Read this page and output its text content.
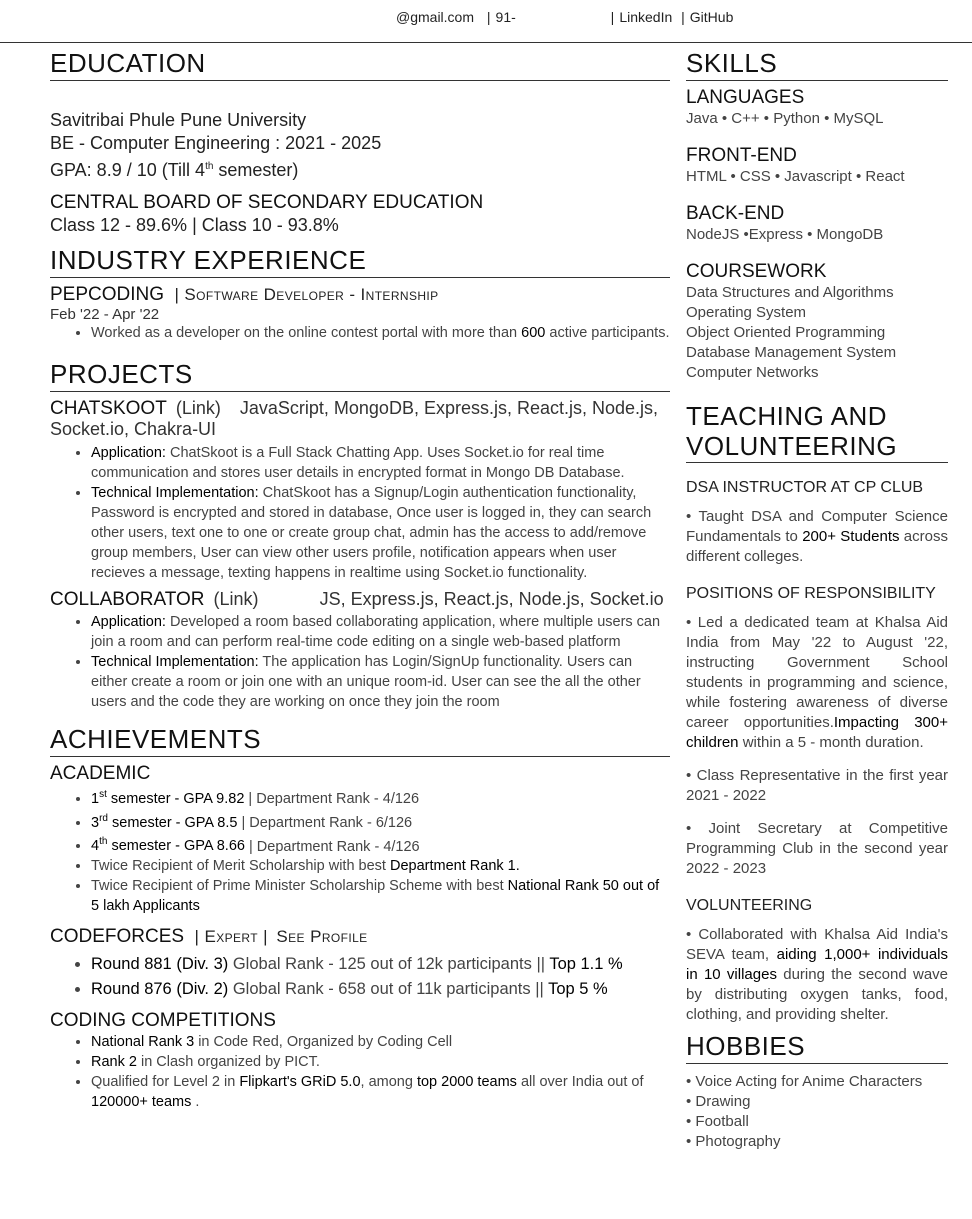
@gmail.com | 91-	| LinkedIn | GitHub
EDUCATION
Savitribai Phule Pune University
BE - Computer Engineering : 2021 - 2025
GPA: 8.9 / 10 (Till 4th semester)
CENTRAL BOARD OF SECONDARY EDUCATION
Class 12 - 89.6% | Class 10 - 93.8%
INDUSTRY EXPERIENCE
PEPCODING | Software Developer - Internship
Feb '22 - Apr '22
• Worked as a developer on the online contest portal with more than 600 active participants.
PROJECTS
CHATSKOOT (Link) JavaScript, MongoDB, Express.js, React.js, Node.js, Socket.io, Chakra-UI
• Application: ChatSkoot is a Full Stack Chatting App. Uses Socket.io for real time communication and stores user details in encrypted format in Mongo DB Database.
• Technical Implementation: ChatSkoot has a Signup/Login authentication functionality, Password is encrypted and stored in database, Once user is logged in, they can search other users, text one to one or create group chat, admin has the access to add/remove group members, User can view other users profile, notification appears when user recieves a message, texting happens in realtime using Socket.io functionality.
COLLABORATOR (Link)	JS, Express.js, React.js, Node.js, Socket.io
• Application: Developed a room based collaborating application, where multiple users can join a room and can perform real-time code editing on a single web-based platform
• Technical Implementation: The application has Login/SignUp functionality. Users can either create a room or join one with an unique room-id. User can see the all the other users and the code they are working on once they join the room
ACHIEVEMENTS
ACADEMIC
• 1st semester - GPA 9.82 | Department Rank - 4/126
• 3rd semester - GPA 8.5 | Department Rank - 6/126
• 4th semester - GPA 8.66 | Department Rank - 4/126
• Twice Recipient of Merit Scholarship with best Department Rank 1.
• Twice Recipient of Prime Minister Scholarship Scheme with best National Rank 50 out of 5 lakh Applicants
CODEFORCES | Expert | See Profile
• Round 881 (Div. 3) Global Rank - 125 out of 12k participants || Top 1.1 %
• Round 876 (Div. 2) Global Rank - 658 out of 11k participants || Top 5 %
CODING COMPETITIONS
• National Rank 3 in Code Red, Organized by Coding Cell
• Rank 2 in Clash organized by PICT.
• Qualified for Level 2 in Flipkart's GRiD 5.0, among top 2000 teams all over India out of 120000+ teams .
SKILLS
LANGUAGES
Java • C++ • Python • MySQL
FRONT-END
HTML • CSS • Javascript • React
BACK-END
NodeJS •Express • MongoDB
COURSEWORK
Data Structures and Algorithms
Operating System
Object Oriented Programming
Database Management System
Computer Networks
TEACHING AND
VOLUNTEERING
DSA INSTRUCTOR AT CP CLUB
• Taught DSA and Computer Science Fundamentals to 200+ Students across different colleges.
POSITIONS OF RESPONSIBILITY
• Led a dedicated team at Khalsa Aid India from May '22 to August '22, instructing Government School students in programming and science, while fostering awareness of diverse career opportunities.Impacting 300+ children within a 5 - month duration.
• Class Representative in the first year 2021 - 2022
• Joint Secretary at Competitive Programming Club in the second year 2022 - 2023
VOLUNTEERING
• Collaborated with Khalsa Aid India's SEVA team, aiding 1,000+ individuals in 10 villages during the second wave by distributing oxygen tanks, food, clothing, and providing shelter.
HOBBIES
• Voice Acting for Anime Characters
• Drawing
• Football
• Photography
